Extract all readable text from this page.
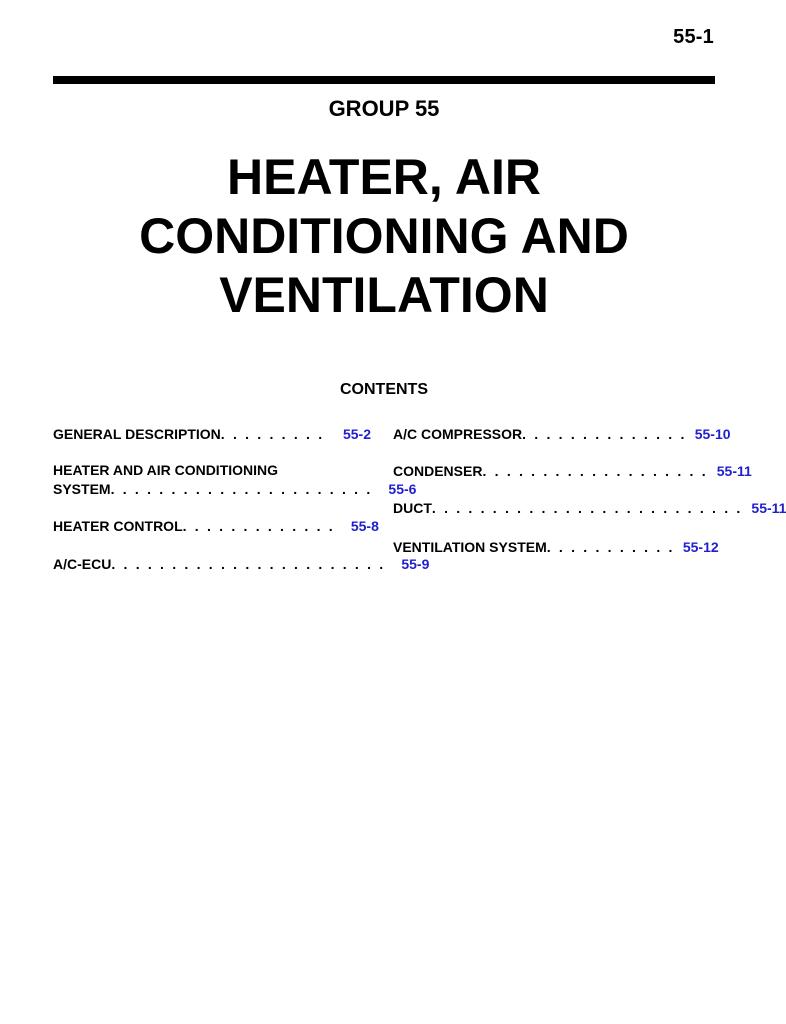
55-1
GROUP 55
HEATER, AIR
CONDITIONING AND
VENTILATION
CONTENTS
GENERAL DESCRIPTION . . . . . . . . .	55-2
HEATER AND AIR CONDITIONING
SYSTEM . . . . . . . . . . . . . . . . . . . . . .	55-6
HEATER CONTROL . . . . . . . . . . . . .	55-8
A/C-ECU . . . . . . . . . . . . . . . . . . . . . . .	55-9
A/C COMPRESSOR . . . . . . . . . . . . . . 55-10
CONDENSER . . . . . . . . . . . . . . . . . . . 55-11
DUCT . . . . . . . . . . . . . . . . . . . . . . . . . . 55-11
VENTILATION SYSTEM . . . . . . . . . . . 55-12
